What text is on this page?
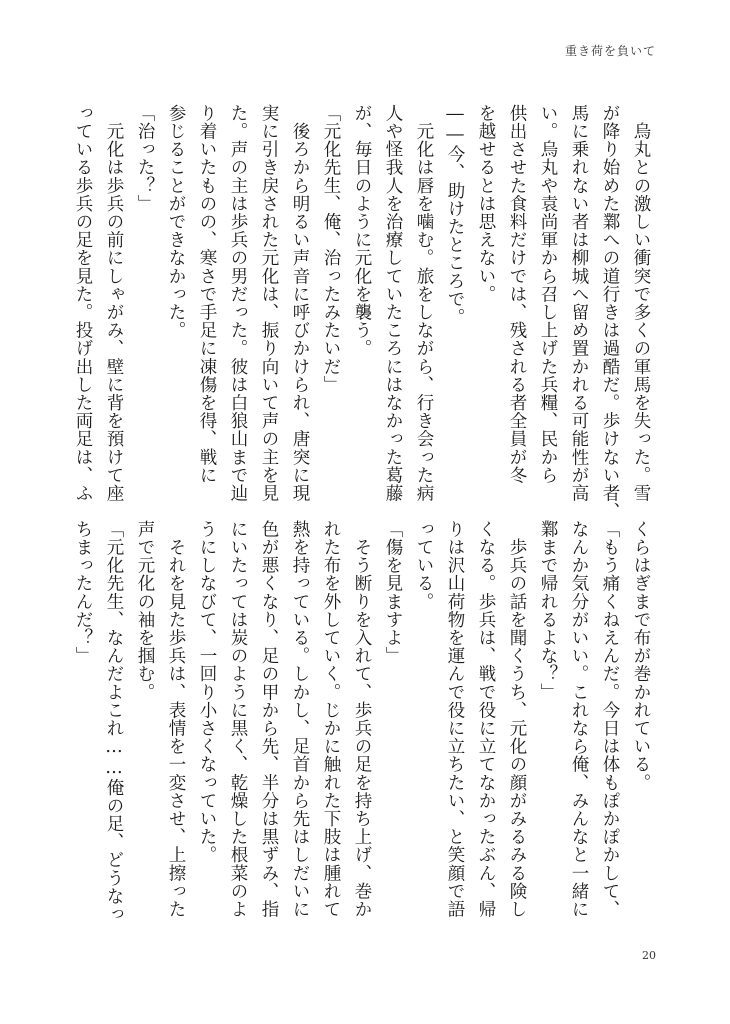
重き荷を負いて
　烏丸との激しい衝突で多くの軍馬を失った。雪
が降り始めた鄴への道行きは過酷だ。歩けない者、
馬に乗れない者は柳城へ留め置かれる可能性が高
い。烏丸や袁尚軍から召し上げた兵糧、民から
供出させた食料だけでは、残される者全員が冬
を越せるとは思えない。
――今、助けたところで。
　元化は唇を噛む。旅をしながら、行き会った病
人や怪我人を治療していたころにはなかった葛藤
が、毎日のように元化を襲う。
「元化先生、俺、治ったみたいだ」
　後ろから明るい声音に呼びかけられ、唐突に現
実に引き戻された元化は、振り向いて声の主を見
た。声の主は歩兵の男だった。彼は白狼山まで辿
り着いたものの、寒さで手足に凍傷を得、戦に
参じることができなかった。
「治った？」
　元化は歩兵の前にしゃがみ、壁に背を預けて座
っている歩兵の足を見た。投げ出した両足は、ふ
くらはぎまで布が巻かれている。
「もう痛くねえんだ。今日は体もぽかぽかして、
なんか気分がいい。これなら俺、みんなと一緒に
鄴まで帰れるよな？」
　歩兵の話を聞くうち、元化の顔がみるみる険し
くなる。歩兵は、戦で役に立てなかったぶん、帰
りは沢山荷物を運んで役に立ちたい、と笑顔で語
っている。
「傷を見ますよ」
　そう断りを入れて、歩兵の足を持ち上げ、巻か
れた布を外していく。じかに触れた下肢は腫れて
熱を持っている。しかし、足首から先はしだいに
色が悪くなり、足の甲から先、半分は黒ずみ、指
にいたっては炭のように黒く、乾燥した根菜のよ
うにしなびて、一回り小さくなっていた。
　それを見た歩兵は、表情を一変させ、上擦った
声で元化の袖を掴む。
「元化先生、なんだよこれ……俺の足、どうなっ
ちまったんだ？」
20
